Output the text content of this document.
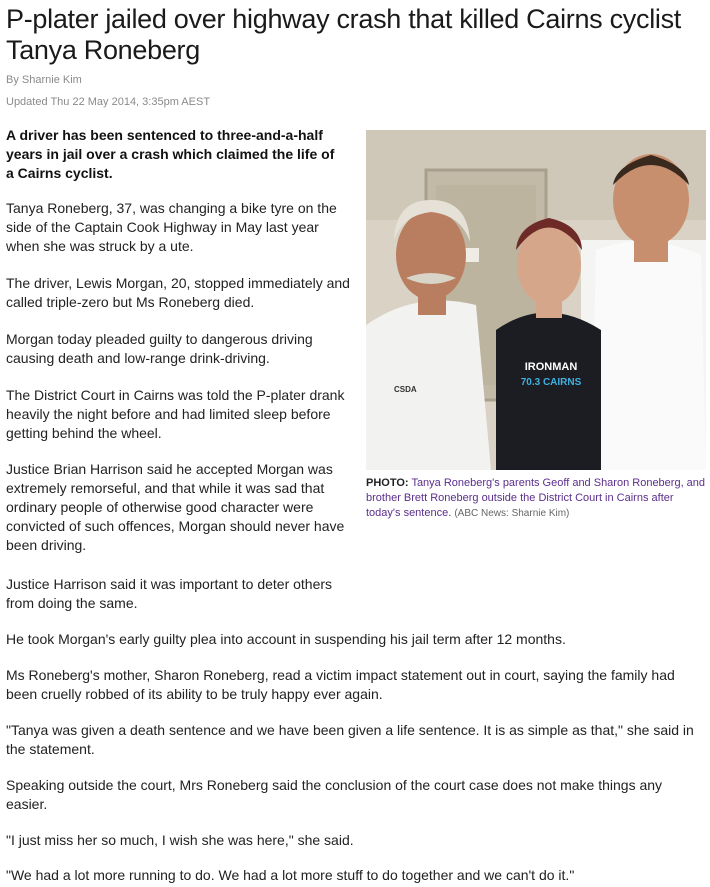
P-plater jailed over highway crash that killed Cairns cyclist Tanya Roneberg
By Sharnie Kim
Updated Thu 22 May 2014, 3:35pm AEST
IRONMAN
70.3 CAIRNS
CSDA
PHOTO: Tanya Roneberg's parents Geoff and Sharon Roneberg, and brother Brett Roneberg outside the District Court in Cairns after today's sentence. (ABC News: Sharnie Kim)

A driver has been sentenced to three-and-a-half years in jail over a crash which claimed the life of a Cairns cyclist.

Tanya Roneberg, 37, was changing a bike tyre on the side of the Captain Cook Highway in May last year when she was struck by a ute.

The driver, Lewis Morgan, 20, stopped immediately and called triple-zero but Ms Roneberg died.

Morgan today pleaded guilty to dangerous driving causing death and low-range drink-driving.

The District Court in Cairns was told the P-plater drank heavily the night before and had limited sleep before getting behind the wheel.

Justice Brian Harrison said he accepted Morgan was extremely remorseful, and that while it was sad that ordinary people of otherwise good character were convicted of such offences, Morgan should never have been driving.

Justice Harrison said it was important to deter others from doing the same.

He took Morgan's early guilty plea into account in suspending his jail term after 12 months.

Ms Roneberg's mother, Sharon Roneberg, read a victim impact statement out in court, saying the family had been cruelly robbed of its ability to be truly happy ever again.

"Tanya was given a death sentence and we have been given a life sentence. It is as simple as that," she said in the statement.

Speaking outside the court, Mrs Roneberg said the conclusion of the court case does not make things any easier.

"I just miss her so much, I wish she was here," she said.

"We had a lot more running to do. We had a lot more stuff to do together and we can't do it."
